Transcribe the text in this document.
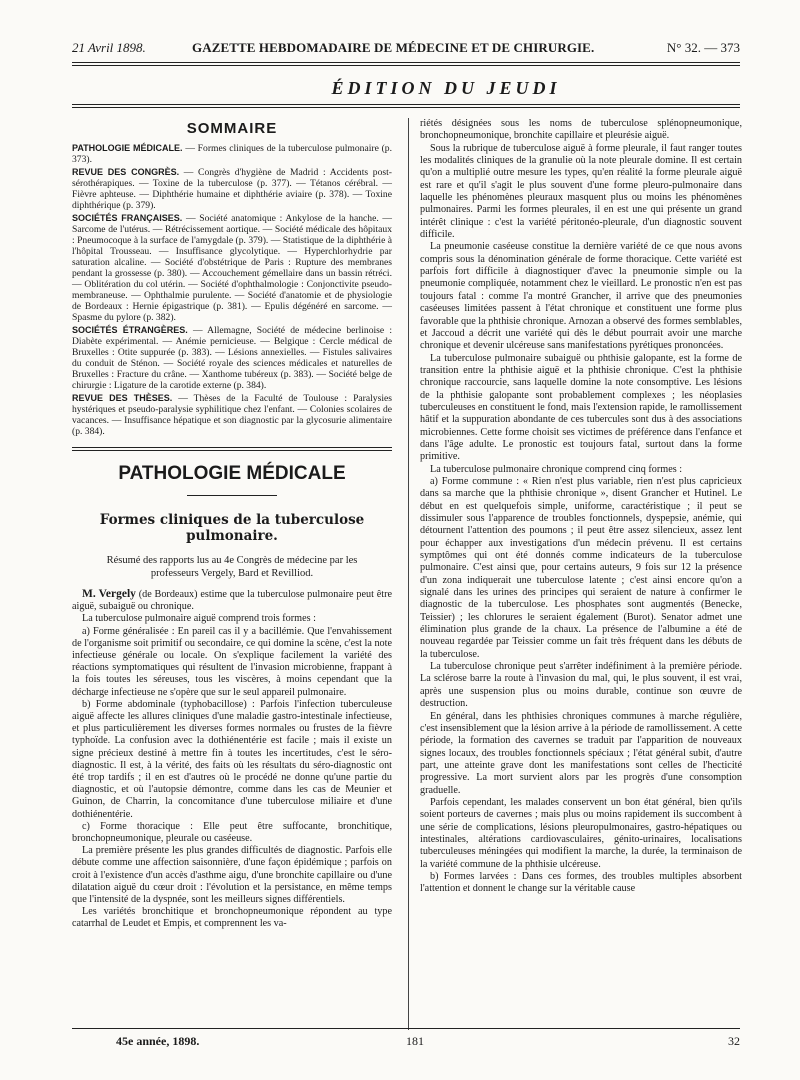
21 Avril 1898.	GAZETTE HEBDOMADAIRE DE MÉDECINE ET DE CHIRURGIE.	N° 32. — 373
ÉDITION DU JEUDI
SOMMAIRE

PATHOLOGIE MÉDICALE. — Formes cliniques de la tuberculose pulmonaire (p. 373).

REVUE DES CONGRÈS. — Congrès d'hygiène de Madrid : Accidents post-sérothérapiques. — Toxine de la tuberculose (p. 377). — Tétanos cérébral. — Fièvre aphteuse. — Diphthérie humaine et diphthérie aviaire (p. 378). — Toxine diphthérique (p. 379).

SOCIÉTÉS FRANÇAISES. — Société anatomique : Ankylose de la hanche. — Sarcome de l'utérus. — Rétrécissement aortique. — Société médicale des hôpitaux : Pneumocoque à la surface de l'amygdale (p. 379). — Statistique de la diphthérie à l'hôpital Trousseau. — Insuffisance glycolytique. — Hyperchlorhydrie par saturation alcaline. — Société d'obstétrique de Paris : Rupture des membranes pendant la grossesse (p. 380). — Accouchement gémellaire dans un bassin rétréci. — Oblitération du col utérin. — Société d'ophthalmologie : Conjonctivite pseudo-membraneuse. — Ophthalmie purulente. — Société d'anatomie et de physiologie de Bordeaux : Hernie épigastrique (p. 381). — Epulis dégénéré en sarcome. — Spasme du pylore (p. 382).

SOCIÉTÉS ÉTRANGÈRES. — Allemagne, Société de médecine berlinoise : Diabète expérimental. — Anémie pernicieuse. — Belgique : Cercle médical de Bruxelles : Otite suppurée (p. 383). — Lésions annexielles. — Fistules salivaires du conduit de Sténon. — Société royale des sciences médicales et naturelles de Bruxelles : Fracture du crâne. — Xanthome tubéreux (p. 383). — Société belge de chirurgie : Ligature de la carotide externe (p. 384).

REVUE DES THÈSES. — Thèses de la Faculté de Toulouse : Paralysies hystériques et pseudo-paralysie syphilitique chez l'enfant. — Colonies scolaires de vacances. — Insuffisance hépatique et son diagnostic par la glycosurie alimentaire (p. 384).

PATHOLOGIE MÉDICALE
Formes cliniques de la tuberculose pulmonaire.
Résumé des rapports lus au 4e Congrès de médecine par les professeurs Vergely, Bard et Revilliod.

M. Vergely (de Bordeaux) estime que la tuberculose pulmonaire peut être aiguë, subaiguë ou chronique.

La tuberculose pulmonaire aiguë comprend trois formes :

a) Forme généralisée : En pareil cas il y a bacillémie. Que l'envahissement de l'organisme soit primitif ou secondaire, ce qui domine la scène, c'est la note infectieuse générale ou locale. On s'explique facilement la variété des réactions symptomatiques qui résultent de l'invasion microbienne, frappant à la fois toutes les séreuses, tous les viscères, à moins cependant que la décharge infectieuse ne s'opère que sur le seul appareil pulmonaire.

b) Forme abdominale (typhobacillose) : Parfois l'infection tuberculeuse aiguë affecte les allures cliniques d'une maladie gastro-intestinale infectieuse, et plus particulièrement les diverses formes normales ou frustes de la fièvre typhoïde. La confusion avec la dothiénentérie est facile ; mais il existe un signe précieux destiné à mettre fin à toutes les incertitudes, c'est le séro-diagnostic. Il est, à la vérité, des faits où les résultats du séro-diagnostic ont été trop tardifs ; il en est d'autres où le procédé ne donne qu'une partie du diagnostic, et où l'autopsie démontre, comme dans les cas de Meunier et Guinon, de Charrin, la concomitance d'une tuberculose miliaire et d'une dothiénentérie.

c) Forme thoracique : Elle peut être suffocante, bronchitique, bronchopneumonique, pleurale ou caséeuse.

La première présente les plus grandes difficultés de diagnostic. Parfois elle débute comme une affection saisonnière, d'une façon épidémique ; parfois on croit à l'existence d'un accès d'asthme aigu, d'une bronchite capillaire ou d'une dilatation aiguë du cœur droit : l'évolution et la persistance, en même temps que l'intensité de la dyspnée, sont les meilleurs signes différentiels.

Les variétés bronchitique et bronchopneumonique répondent au type catarrhal de Leudet et Empis, et comprennent les va-

riétés désignées sous les noms de tuberculose splénopneumonique, bronchopneumonique, bronchite capillaire et pleurésie aiguë.

Sous la rubrique de tuberculose aiguë à forme pleurale, il faut ranger toutes les modalités cliniques de la granulie où la note pleurale domine. Il est certain qu'on a multiplié outre mesure les types, qu'en réalité la forme pleurale aiguë est rare et qu'il s'agit le plus souvent d'une forme pleuro-pulmonaire dans laquelle les phénomènes pleuraux masquent plus ou moins les phénomènes pulmonaires. Parmi les formes pleurales, il en est une qui présente un grand intérêt clinique : c'est la variété péritonéo-pleurale, d'un diagnostic souvent difficile.

La pneumonie caséeuse constitue la dernière variété de ce que nous avons compris sous la dénomination générale de forme thoracique. Cette variété est parfois fort difficile à diagnostiquer d'avec la pneumonie simple ou la pneumonie compliquée, notamment chez le vieillard. Le pronostic n'en est pas toujours fatal : comme l'a montré Grancher, il arrive que des pneumonies caséeuses limitées passent à l'état chronique et constituent une forme plus favorable que la phthisie chronique. Arnozan a observé des formes semblables, et Jaccoud a décrit une variété qui dès le début pourrait avoir une marche chronique et devenir ulcéreuse sans manifestations pyrétiques prononcées.

La tuberculose pulmonaire subaiguë ou phthisie galopante, est la forme de transition entre la phthisie aiguë et la phthisie chronique. C'est la phthisie chronique raccourcie, sans laquelle domine la note consomptive. Les lésions de la phthisie galopante sont probablement complexes ; les néoplasies tuberculeuses en constituent le fond, mais l'extension rapide, le ramollissement hâtif et la suppuration abondante de ces tubercules sont dus à des associations microbiennes. Cette forme choisit ses victimes de préférence dans l'enfance et dans l'âge adulte. Le pronostic est toujours fatal, surtout dans la forme primitive.

La tuberculose pulmonaire chronique comprend cinq formes :

a) Forme commune : « Rien n'est plus variable, rien n'est plus capricieux dans sa marche que la phthisie chronique », disent Grancher et Hutinel. Le début en est quelquefois simple, uniforme, caractéristique ; il peut se dissimuler sous l'apparence de troubles fonctionnels, dyspepsie, anémie, qui détournent l'attention des poumons ; il peut être assez silencieux, assez lent pour échapper aux investigations d'un médecin prévenu. Il est certains symptômes qui ont été donnés comme indicateurs de la tuberculose pulmonaire. C'est ainsi que, pour certains auteurs, 9 fois sur 12 la présence d'un zona indiquerait une tuberculose latente ; c'est ainsi encore qu'on a signalé dans les urines des principes qui seraient de nature à confirmer le diagnostic de la tuberculose. Les phosphates sont augmentés (Benecke, Teissier) ; les chlorures le seraient également (Burot). Senator admet une élimination plus grande de la chaux. La présence de l'albumine a été de nouveau regardée par Teissier comme un fait très fréquent dans les débuts de la tuberculose.

La tuberculose chronique peut s'arrêter indéfiniment à la première période. La sclérose barre la route à l'invasion du mal, qui, le plus souvent, il est vrai, après une suspension plus ou moins durable, continue son œuvre de destruction.

En général, dans les phthisies chroniques communes à marche régulière, c'est insensiblement que la lésion arrive à la période de ramollissement. A cette période, la formation des cavernes se traduit par l'apparition de nouveaux signes locaux, des troubles fonctionnels spéciaux ; l'état général subit, d'autre part, une atteinte grave dont les manifestations sont celles de l'hecticité progressive. La mort survient alors par les progrès d'une consomption graduelle.

Parfois cependant, les malades conservent un bon état général, bien qu'ils soient porteurs de cavernes ; mais plus ou moins rapidement ils succombent à une série de complications, lésions pleuropulmonaires, gastro-hépatiques ou intestinales, altérations cardiovasculaires, génito-urinaires, localisations tuberculeuses méningées qui modifient la marche, la durée, la terminaison de la variété commune de la phthisie ulcéreuse.

b) Formes larvées : Dans ces formes, des troubles multiples absorbent l'attention et donnent le change sur la véritable cause

45e année, 1898.	181	32
